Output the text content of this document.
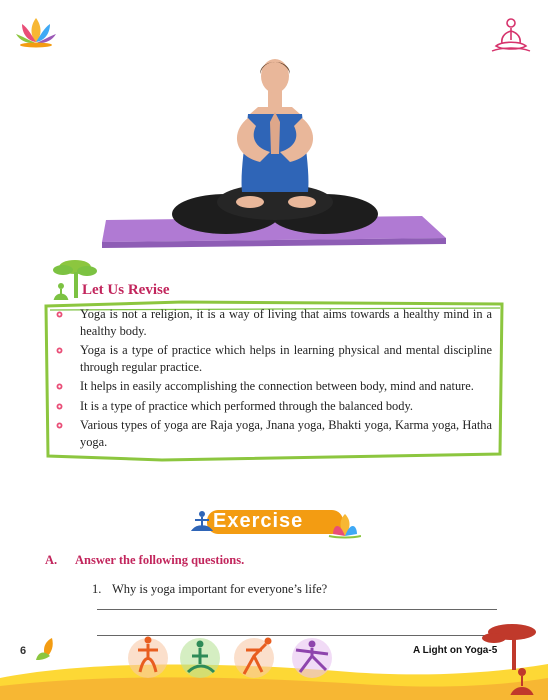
Let Us Revise
Yoga is not a religion, it is a way of living that aims towards a healthy mind in a healthy body.
Yoga is a type of practice which helps in learning physical and mental discipline through regular practice.
It helps in easily accomplishing the connection between body, mind and nature.
It is a type of practice which performed through the balanced body.
Various types of yoga are Raja yoga, Jnana yoga, Bhakti yoga, Karma yoga, Hatha yoga.
Exercise
A. Answer the following questions.
1. Why is yoga important for everyone’s life?
6	A Light on Yoga-5
